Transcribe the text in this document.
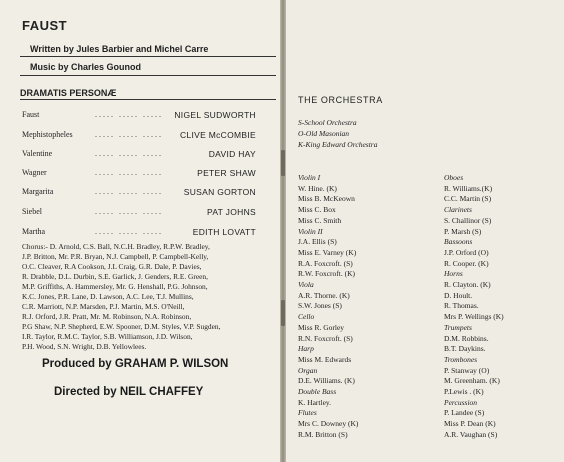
FAUST
Written by Jules Barbier and Michel Carre
Music by Charles Gounod
DRAMATIS PERSONÆ
Faust	..... ..... ..... NIGEL SUDWORTH
Mephistopheles	..... ..... ..... CLIVE McCOMBIE
Valentine	..... ..... .....	DAVID HAY
Wagner	..... ..... .....	PETER SHAW
Margarita	..... ..... ..... SUSAN GORTON
Siebel	..... ..... .....	PAT JOHNS
Martha	..... ..... .....	EDITH LOVATT
Chorus:- D. Arnold, C.S. Ball, N.C.H. Bradley, R.P.W. Bradley,
J.P. Britton, Mr. P.R. Bryan, N.J. Campbell, P. Campbell-Kelly,
O.C. Cleaver, R.A Cookson, J.L Craig, G.R. Dale, P. Davies,
R. Drabble, D.L. Durbin, S.E. Garlick, J. Genders, R.E. Green,
M.P. Griffiths, A. Hammersley, Mr. G. Henshall, P.G. Johnson,
K.C. Jones, P.R. Lane, D. Lawson, A.C. Lee, T.J. Mullins,
C.R. Marriott, N.P. Marsden, P.J. Martin, M.S. O'Neill,
R.J. Orford, J.R. Pratt, Mr. M. Robinson, N.A. Robinson,
P.G Shaw, N.P. Shepherd, E.W. Spooner, D.M. Styles, V.P. Sugden,
I.R. Taylor, R.M.C. Taylor, S.B. Williamson, J.D. Wilson,
P.H. Wood, S.N. Wright, D.B. Yellowlees.
Produced by GRAHAM P. WILSON
Directed by NEIL CHAFFEY
THE ORCHESTRA
S-School Orchestra
O-Old Masonian
K-King Edward Orchestra
Violin I
W. Hine. (K)
Miss B. McKeown
Miss C. Box
Miss C. Smith
Violin II
J.A. Ellis (S)
Miss E. Varney (K)
R.A. Foxcroft. (S)
R.W. Foxcroft. (K)
Viola
A.R. Thorne. (K)
S.W. Jones (S)
Cello
Miss R. Gorley
R.N. Foxcroft. (S)
Harp
Miss M. Edwards
Organ
D.E. Williams. (K)
Double Bass
K. Hartley.
Flutes
Mrs C. Downey (K)
R.M. Britton (S)
Oboes
R. Williams.(K)
C.C. Martin (S)
Clarinets
S. Challinor (S)
P. Marsh (S)
Bassoons
J.P. Orford (O)
R. Cooper. (K)
Horns
R. Clayton. (K)
D. Hoult.
R. Thomas.
Mrs P. Wellings (K)
Trumpets
D.M. Robbins.
B.T. Daykins.
Trombones
P. Stanway (O)
M. Greenham. (K)
P.Lewis . (K)
Percussion
P. Landee (S)
Miss P. Dean (K)
A.R. Vaughan (S)
